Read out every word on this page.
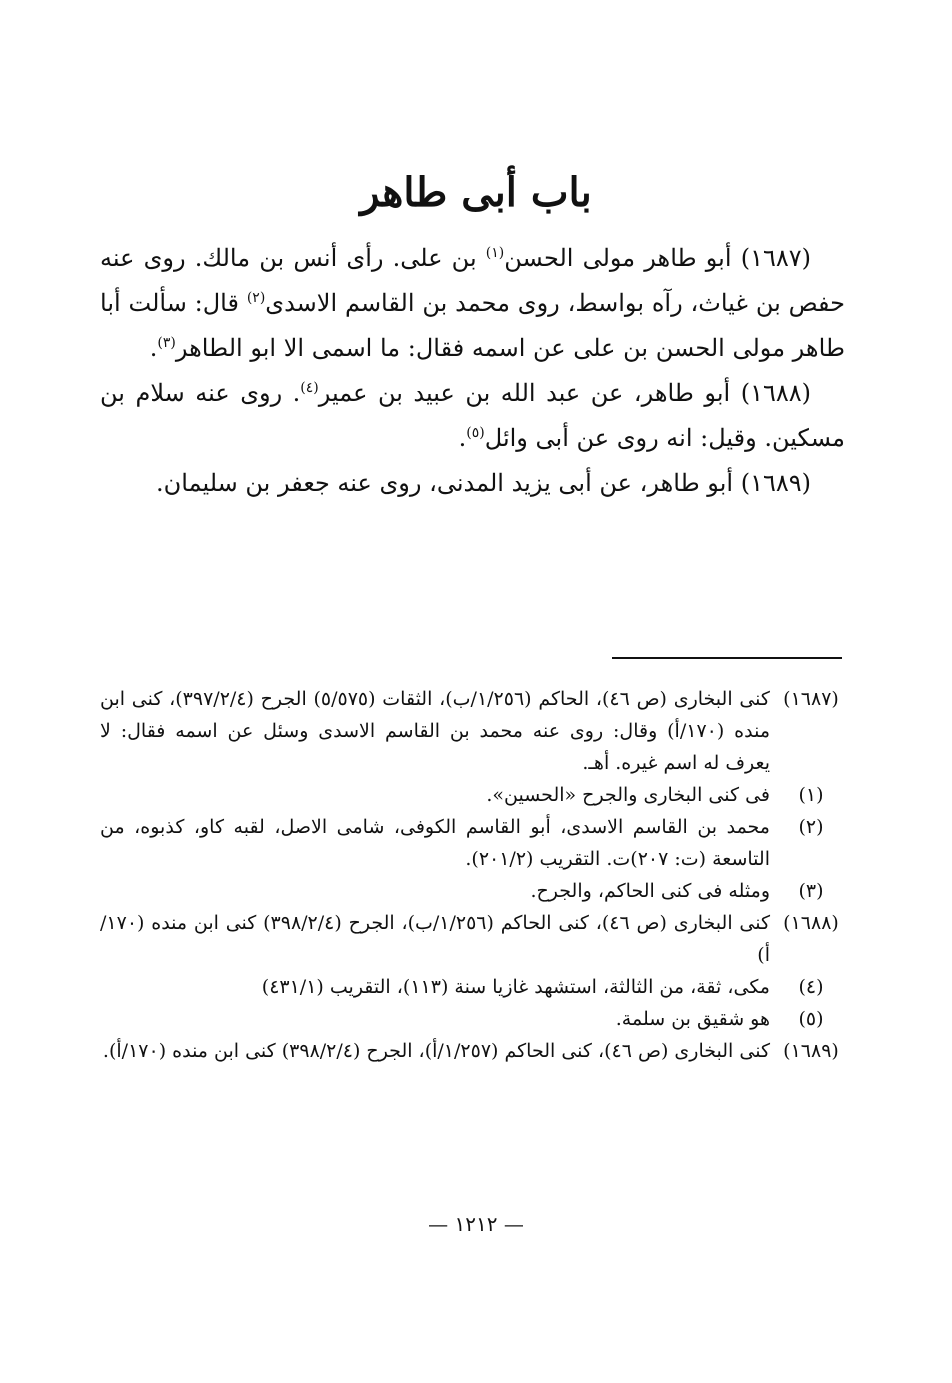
باب أبى طاهر

(١٦٨٧) أبو طاهر مولى الحسن$^{(١)}$ بن على. رأى أنس بن مالك. روى عنه حفص بن غياث، رآه بواسط، روى محمد بن القاسم الاسدى$^{(٢)}$ قال: سألت أبا طاهر مولى الحسن بن على عن اسمه فقال: ما اسمى الا ابو الطاهر$^{(٣)}$.

(١٦٨٨) أبو طاهر، عن عبد الله بن عبيد بن عمير$^{(٤)}$. روى عنه سلام بن مسكين. وقيل: انه روى عن أبى وائل$^{(٥)}$.

(١٦٨٩) أبو طاهر، عن أبى يزيد المدنى، روى عنه جعفر بن سليمان.

(١٦٨٧)
كنى البخارى (ص ٤٦)، الحاكم (١/٢٥٦/ب)، الثقات (٥/٥٧٥) الجرح (٣٩٧/٢/٤)، كنى ابن منده (١٧٠/أ) وقال: روى عنه محمد بن القاسم الاسدى وسئل عن اسمه فقال: لا يعرف له اسم غيره. أهـ.
(١)
فى كنى البخارى والجرح «الحسين».
(٢)
محمد بن القاسم الاسدى، أبو القاسم الكوفى، شامى الاصل، لقبه كاو، كذبوه، من التاسعة (ت: ٢٠٧)ت. التقريب (٢٠١/٢).
(٣)
ومثله فى كنى الحاكم، والجرح.
(١٦٨٨)
كنى البخارى (ص ٤٦)، كنى الحاكم (١/٢٥٦/ب)، الجرح (٣٩٨/٢/٤) كنى ابن منده (١٧٠/أ)
(٤)
مكى، ثقة، من الثالثة، استشهد غازيا سنة (١١٣)، التقريب (٤٣١/١)
(٥)
هو شقيق بن سلمة.
(١٦٨٩)
كنى البخارى (ص ٤٦)، كنى الحاكم (١/٢٥٧/أ)، الجرح (٣٩٨/٢/٤) كنى ابن منده (١٧٠/أ).
— ١٢١٢ —
